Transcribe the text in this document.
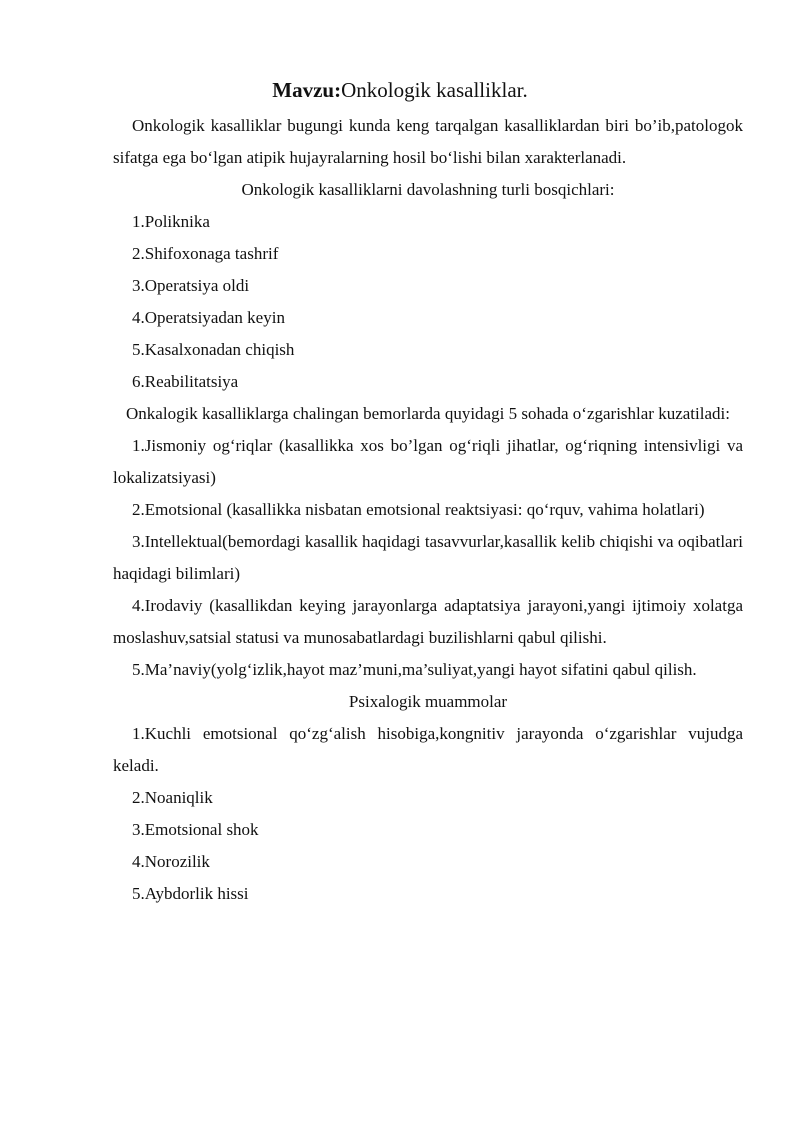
Mavzu:Onkologik kasalliklar.

Onkologik kasalliklar bugungi kunda keng tarqalgan kasalliklardan biri bo’ib,patologok sifatga ega bo‘lgan atipik hujayralarning hosil bo‘lishi bilan xarakterlanadi.

Onkologik kasalliklarni davolashning turli bosqichlari:

1.Poliknika

2.Shifoxonaga tashrif

3.Operatsiya oldi

4.Operatsiyadan keyin

5.Kasalxonadan chiqish

6.Reabilitatsiya

Onkalogik kasalliklarga chalingan bemorlarda quyidagi 5 sohada o‘zgarishlar kuzatiladi:

1.Jismoniy og‘riqlar (kasallikka xos bo’lgan og‘riqli jihatlar, og‘riqning intensivligi va lokalizatsiyasi)

2.Emotsional (kasallikka nisbatan emotsional reaktsiyasi: qo‘rquv, vahima holatlari)

3.Intellektual(bemordagi kasallik haqidagi tasavvurlar,kasallik kelib chiqishi va oqibatlari haqidagi bilimlari)

4.Irodaviy (kasallikdan keying jarayonlarga adaptatsiya jarayoni,yangi ijtimoiy xolatga moslashuv,satsial statusi va munosabatlardagi buzilishlarni qabul qilishi.

5.Ma’naviy(yolg‘izlik,hayot maz’muni,ma’suliyat,yangi hayot sifatini qabul qilish.

Psixalogik muammolar

1.Kuchli emotsional qo‘zg‘alish hisobiga,kongnitiv jarayonda o‘zgarishlar vujudga keladi.

2.Noaniqlik

3.Emotsional shok

4.Norozilik

5.Aybdorlik hissi
